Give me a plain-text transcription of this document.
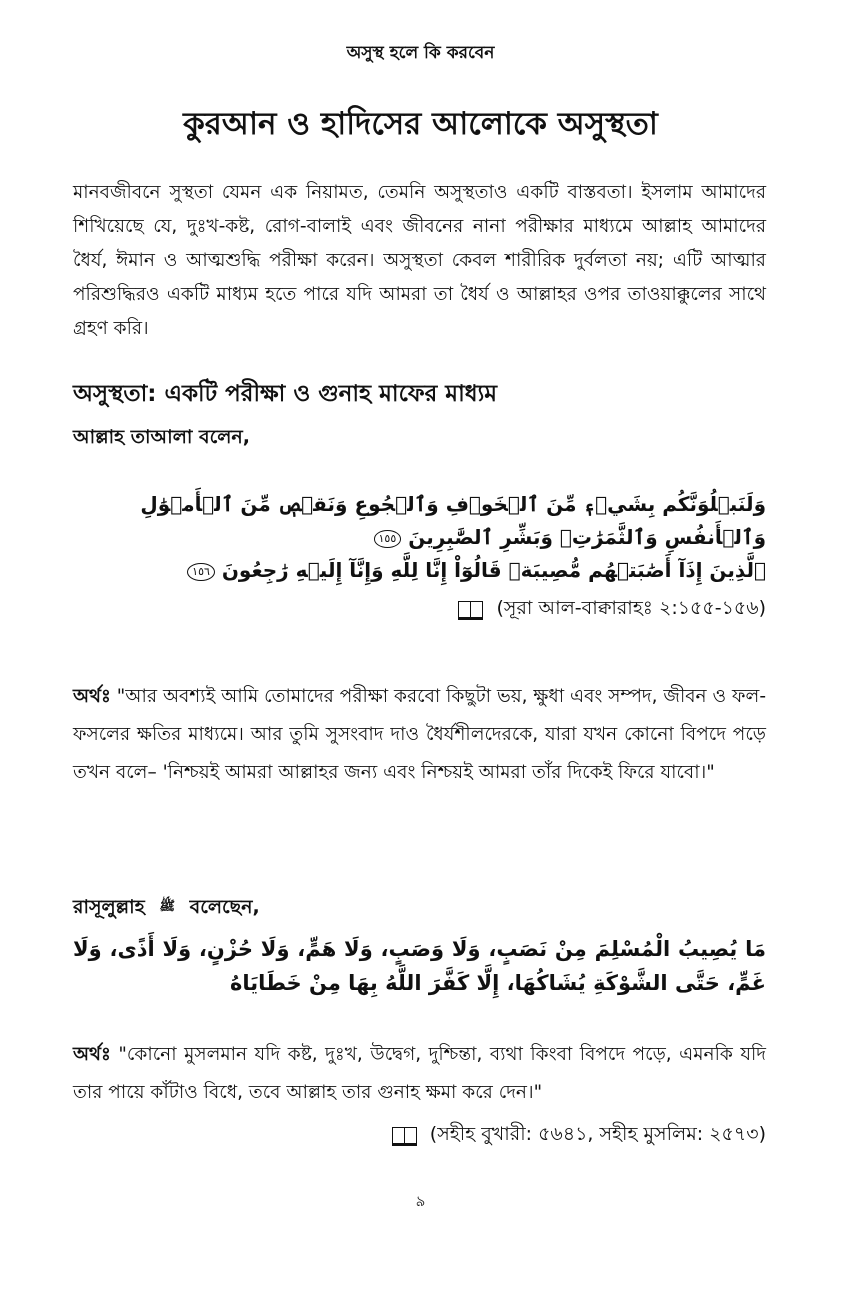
অসুস্থ হলে কি করবেন
কুরআন ও হাদিসের আলোকে অসুস্থতা

মানবজীবনে সুস্থতা যেমন এক নিয়ামত, তেমনি অসুস্থতাও একটি বাস্তবতা। ইসলাম আমাদের শিখিয়েছে যে, দুঃখ-কষ্ট, রোগ-বালাই এবং জীবনের নানা পরীক্ষার মাধ্যমে আল্লাহ আমাদের ধৈর্য, ঈমান ও আত্মশুদ্ধি পরীক্ষা করেন। অসুস্থতা কেবল শারীরিক দুর্বলতা নয়; এটি আত্মার পরিশুদ্ধিরও একটি মাধ্যম হতে পারে যদি আমরা তা ধৈর্য ও আল্লাহর ওপর তাওয়াক্কুলের সাথে গ্রহণ করি।

অসুস্থতা: একটি পরীক্ষা ও গুনাহ মাফের মাধ্যম
আল্লাহ তাআলা বলেন,
وَلَنَبۡلُوَنَّكُم بِشَيۡءٖ مِّنَ ٱلۡخَوۡفِ وَٱلۡجُوعِ وَنَقۡصٖ مِّنَ ٱلۡأَمۡوَٰلِ وَٱلۡأَنفُسِ وَٱلثَّمَرَٰتِۗ وَبَشِّرِ ٱلصَّٰبِرِينَ ١٥٥
ٱلَّذِينَ إِذَآ أَصَٰبَتۡهُم مُّصِيبَةٞ قَالُوٓاْ إِنَّا لِلَّهِ وَإِنَّآ إِلَيۡهِ رَٰجِعُونَ ١٥٦
(সূরা আল-বাক্বারাহঃ ২:১৫৫-১৫৬)

অর্থঃ "আর অবশ্যই আমি তোমাদের পরীক্ষা করবো কিছুটা ভয়, ক্ষুধা এবং সম্পদ, জীবন ও ফল-ফসলের ক্ষতির মাধ্যমে। আর তুমি সুসংবাদ দাও ধৈর্যশীলদেরকে, যারা যখন কোনো বিপদে পড়ে তখন বলে– 'নিশ্চয়ই আমরা আল্লাহর জন্য এবং নিশ্চয়ই আমরা তাঁর দিকেই ফিরে যাবো।"

রাসূলুল্লাহ ﷺ বলেছেন,
مَا يُصِيبُ الْمُسْلِمَ مِنْ نَصَبٍ، وَلَا وَصَبٍ، وَلَا هَمٍّ، وَلَا حُزْنٍ، وَلَا أَذًى، وَلَا غَمٍّ، حَتَّى الشَّوْكَةِ يُشَاكُهَا، إِلَّا كَفَّرَ اللَّهُ بِهَا مِنْ خَطَايَاهُ

অর্থঃ "কোনো মুসলমান যদি কষ্ট, দুঃখ, উদ্বেগ, দুশ্চিন্তা, ব্যথা কিংবা বিপদে পড়ে, এমনকি যদি তার পায়ে কাঁটাও বিধে, তবে আল্লাহ তার গুনাহ ক্ষমা করে দেন।"

(সহীহ বুখারী: ৫৬৪১, সহীহ মুসলিম: ২৫৭৩)
৯
